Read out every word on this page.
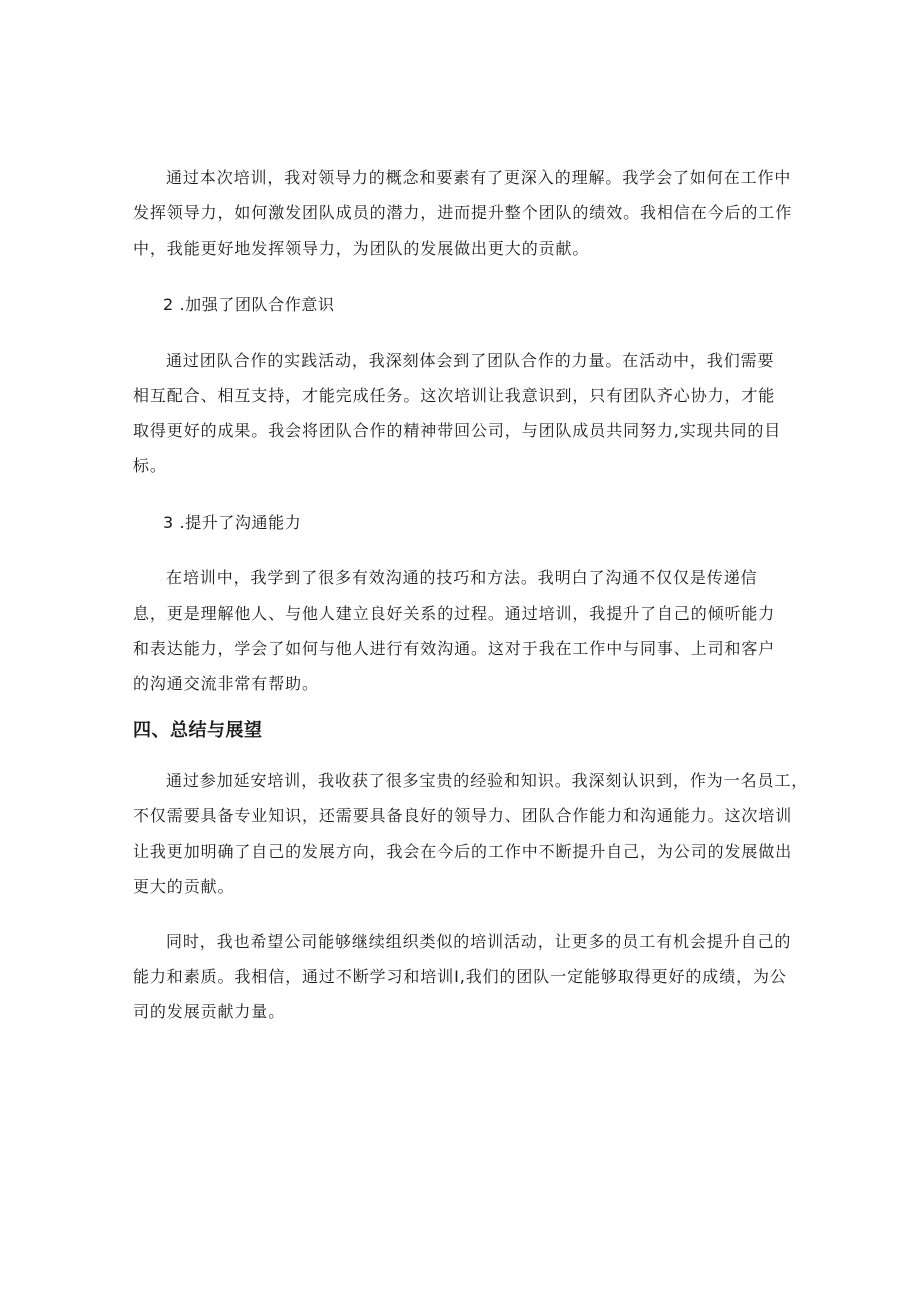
通过本次培训，我对领导力的概念和要素有了更深入的理解。我学会了如何在工作中
发挥领导力，如何激发团队成员的潜力，进而提升整个团队的绩效。我相信在今后的工作
中，我能更好地发挥领导力，为团队的发展做出更大的贡献。
2 .加强了团队合作意识
通过团队合作的实践活动，我深刻体会到了团队合作的力量。在活动中，我们需要
相互配合、相互支持，才能完成任务。这次培训让我意识到，只有团队齐心协力，才能
取得更好的成果。我会将团队合作的精神带回公司，与团队成员共同努力,实现共同的目
标。
3 .提升了沟通能力
在培训中，我学到了很多有效沟通的技巧和方法。我明白了沟通不仅仅是传递信
息，更是理解他人、与他人建立良好关系的过程。通过培训，我提升了自己的倾听能力
和表达能力，学会了如何与他人进行有效沟通。这对于我在工作中与同事、上司和客户
的沟通交流非常有帮助。
四、总结与展望
通过参加延安培训，我收获了很多宝贵的经验和知识。我深刻认识到，作为一名员工，
不仅需要具备专业知识，还需要具备良好的领导力、团队合作能力和沟通能力。这次培训
让我更加明确了自己的发展方向，我会在今后的工作中不断提升自己，为公司的发展做出
更大的贡献。
同时，我也希望公司能够继续组织类似的培训活动，让更多的员工有机会提升自己的
能力和素质。我相信，通过不断学习和培训I,我们的团队一定能够取得更好的成绩，为公
司的发展贡献力量。
